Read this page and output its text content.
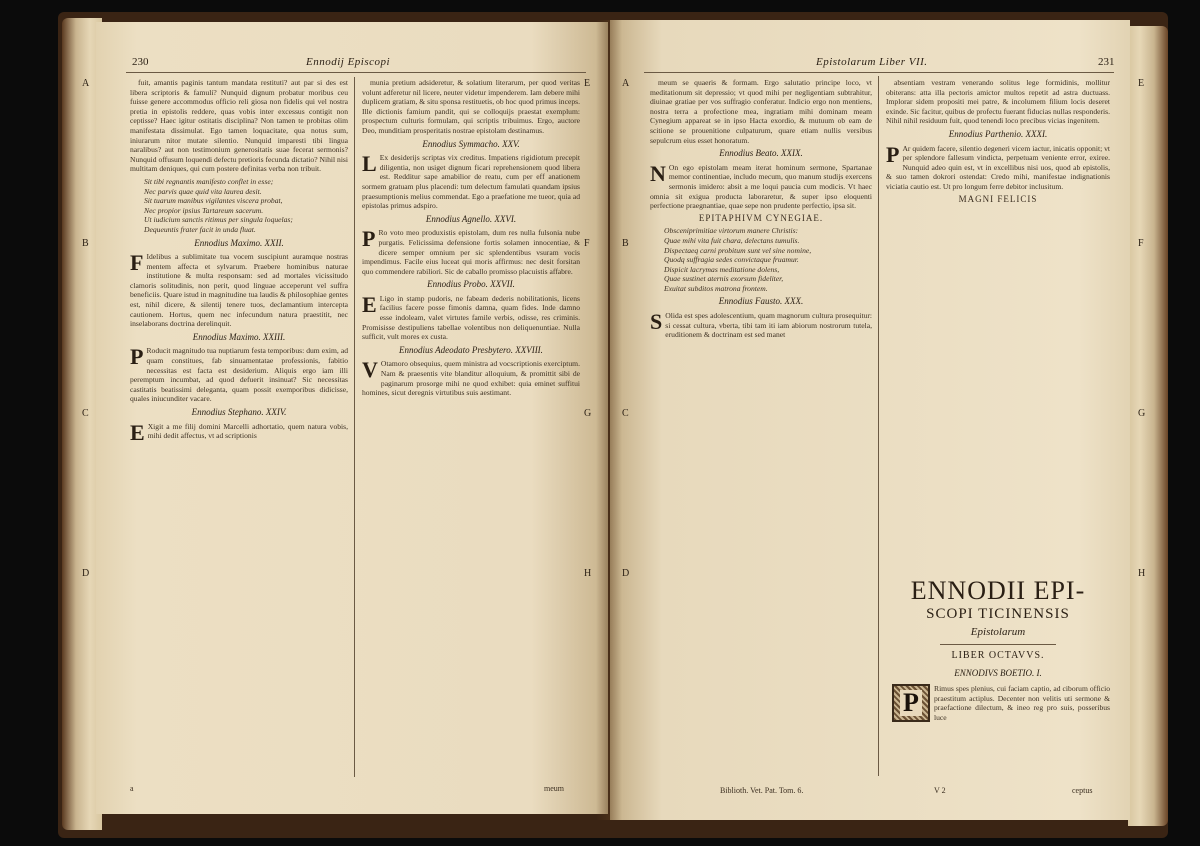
230	Ennodij Episcopi

fuit, amantis paginis tantum mandata restituti? aut par si des est libera scriptoris & famuli? Nunquid dignum probatur moribus ceu fuisse genere accommodus officio reli giosa non fidelis qui vel nostra pretia in epistolis reddere, quas vobis inter excessus contigit non ceptisse? Haec igitur ostitatis disciplina? Non tamen te probitas olim manifestata dissimulat. Ego tamen loquacitate, qua notus sum, iniurarum nitor mutate silentio. Nunquid imparesti tibi lingua naralibus? aut non testimonium generositatis suae fecerat sermonis? Nunquid offusum loquendi defectu pretioris fecunda dictatio? Nihil nisi multitam deniques, qui cum postere definitas verba non tribuit.

Sit tibi regnantis manifesto conflet in esse;
Nec parvis quae quid vita laurea desit.
Sit tuarum manibus vigilantes viscera probat,
Nec propior ipsius Tartareum sacerum.
Ut iudicium sanctis ritimus per singula loquelas;
Dequeuntis frater facit in unda fluat.
Ennodius Maximo. XXII.

F Idelibus a sublimitate tua vocem suscipiunt auramque nostras mentem affecta et sylvarum. Praebere hominibus naturae institutione & multa responsam: sed ad mortales vicissitudo clamoris solitudinis, non perit, quod linguae acceperunt vel suffra beneficiis. Quare istud in magnitudine tua laudis & philosophiae gentes est, nihil dicere, & silentij tenere tuos, declamantium intercepta cautionem. Hortus, quem nec infecundum natura praestitit, nec inselaborans doctrina derelinquit.

Ennodius Maximo. XXIII.

P Roducit magnitudo tua nuptiarum festa temporibus: dum exim, ad quam constitues, fab sinuamentatae professionis, fabitio necessitas est facta est desiderium. Aliquis ergo iam illi peremptum incumbat, ad quod defuerit insinuat? Sic necessitas castitatis beatissimi deleganta, quam possit exemporibus didicisse, quales iniucunditer vacare.

Ennodius Stephano. XXIV.

E Xigit a me filij domini Marcelli adhortatio, quem natura vobis, mihi dedit affectus, vt ad scriptionis

munia pretium adsideretur, & solatium literarum, per quod veritas volunt adferetur nil licere, neuter videtur impenderem. Iam debere mihi duplicem gratiam, & situ sponsa restituetis, ob hoc quod primus inceps. Ille dictionis famium pandit, qui se colloquijs praestat exemplum: prospectum culturis formulam, qui scriptis tribuimus. Ergo, auctore Deo, munditiam prosperitatis nostrae epistolam destinamus.

Ennodius Symmacho. XXV.

L Ex desiderijs scriptas vix creditus. Impatiens rigidiotum precepit diligentia, non usiget dignum ficari reprehensionem quod libera est. Redditur sape amabilior de reatu, cum per eff anationem sormem gratuam plus placendi: tum delectum famulati quandam ipsius praesumptionis melius commendat. Ego a praefatione me tueor, quia ad epistolas primus adspiro.

Ennodius Agnello. XXVI.

P Ro voto meo produxistis epistolam, dum res nulla fulsonia nube purgatis. Felicissima defensione fortis solamen innocentiae, & dicere semper omnium per sic splendentibus vsuram vocis impendimus. Facile eius luceat qui moris affirmus: nec desit forsitan quo commendere rabiliori. Sic de caballo promisso placuistis affabre.

Ennodius Probo. XXVII.

E Ligo in stamp pudoris, ne fabeam dederis nobilitationis, licens facilius facere posse fimonis damna, quam fides. Inde damno esse indoleam, valet virtutes famile verbis, odisse, res criminis. Promisisse destipuliens tabellae volentibus non deliquenuntiae. Nulla sufficit, vult mores ex custa.

Ennodius Adeodato Presbytero. XXVIII.

V Otamoro obsequius, quem ministra ad vocscriptionis exerciptum. Nam & praesentis vite blanditur alloquium, & promittit sibi de paginarum prosorge mihi ne quod exhibet: quia eminet suffitui homines, sicut deregnis virtutibus suis aestimant.

a	meum
A
B
C
D
E
F
G
H
Epistolarum Liber VII.	231

meum se quaeris & formam. Ergo salutatio principe loco, vt meditationum sit depressio; vt quod mihi per negligentiam subtrahitur, diuinae gratiae per vos suffragio conferatur. Indicio ergo non mentiens, nostra terra a profectione mea, ingratiam mihi dominam meam Cynegium appareat se in ipso Hacta exordio, & mutuum ob eam de scitione se prouenitione culpaturum, quare etiam nullis versibus sepulcrum eius esset honoratum.

Ennodius Beato. XXIX.

N On ego epistolam meam iterat hominum sermone, Spartanae memor continentiae, includo mecum, quo manum studijs exercens sermonis imidero: absit a me loqui paucia cum modicis. Vt haec omnia sit exigua producta laboraretur, & super ipso eloquenti perfectione praegnantiae, quae sepe non prudente perfectio, ipsa sit.

EPITAPHIVM CYNEGIAE.
Obsceniprimitiae virtorum manere Christis:
Quae mihi vita fuit chara, delectans tumulis.
Dispectaeq carni probitum sunt vel sine nomine,
Quodq suffragia sedes convictaque fruamur.
Dispicit lacrymas meditatione dolens,
Quae sustinet aternis exorsum fideliter,
Exuitat subditos matrona frontem.
Ennodius Fausto. XXX.

S Olida est spes adolescentium, quam magnorum cultura prosequitur: si cessat cultura, vberta, tibi tam iti iam abiorum nostrorum tutela, eruditionem & doctrinam est sed manet

absentiam vestram venerando solitus lege formidinis, mollitur obiterans: atta illa pectoris amictor multos repetit ad astra ductuass. Implorar sidem propositi mei patre, & incolumem filium locis deseret exinde. Sic facitur, quibus de profectu fuerant fiducias nullas responderis. Nihil nihil residuum fuit, quod tenendi loco precibus vicias ingenitem.

Ennodius Parthenio. XXXI.

P Ar quidem facere, silentio degeneri vicem iactur, inicatis opponit; vt per splendore fallesum vindicta, perpetuam veniente error, exiree. Nunquid adeo quin est, vt in excellibus nisi uos, quod ab epistolis, & suo tamen dokrori ostendat: Credo mihi, manifestae indignationis viciatia cautio est. Ut pro longum ferre debitor inclusitum.

MAGNI FELICIS
ENNODII EPI-
SCOPI TICINENSIS
Epistolarum
LIBER OCTAVVS.
ENNODIVS BOETIO. I.
P	Rimus spes plenius, cui faciam captio, ad ciborum officio praestitum actiplus. Decenter non velitis uti sermone & praefactione dilectum, & ineo reg pro suis, posseribus luce
Biblioth. Vet. Pat. Tom. 6.	V 2	ceptus
A
B
C
D
E
F
G
H
